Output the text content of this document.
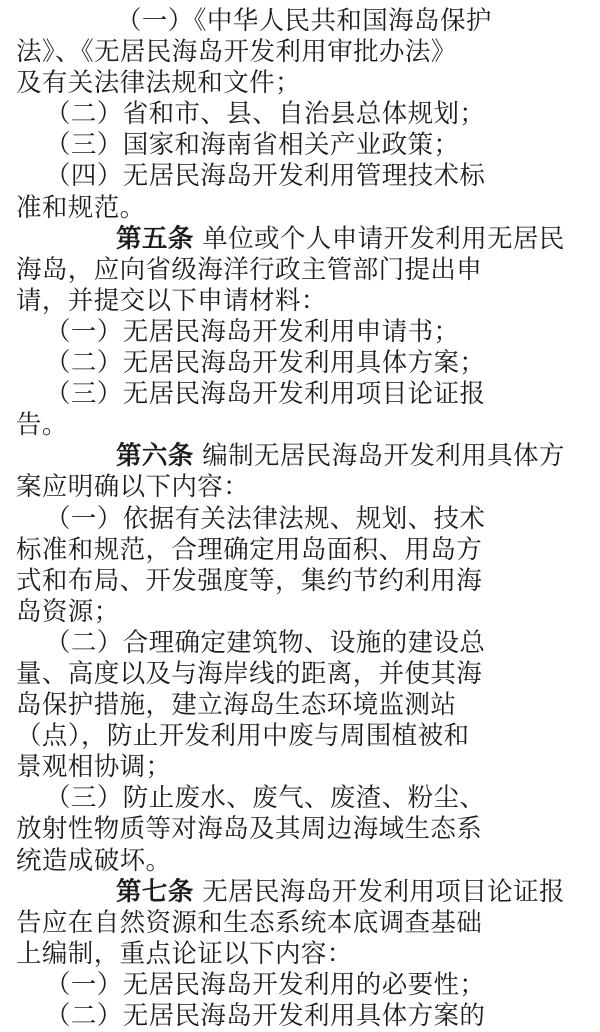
（一）《中华人民共和国海岛保护
法》、《无居民海岛开发利用审批办法》
及有关法律法规和文件；
（二）省和市、县、自治县总体规划；
（三）国家和海南省相关产业政策；
（四）无居民海岛开发利用管理技术标
准和规范。
第五条 单位或个人申请开发利用无居民
海岛，应向省级海洋行政主管部门提出申
请，并提交以下申请材料：
（一）无居民海岛开发利用申请书；
（二）无居民海岛开发利用具体方案；
（三）无居民海岛开发利用项目论证报
告。
第六条 编制无居民海岛开发利用具体方
案应明确以下内容：
（一）依据有关法律法规、规划、技术
标准和规范，合理确定用岛面积、用岛方
式和布局、开发强度等，集约节约利用海
岛资源；
（二）合理确定建筑物、设施的建设总
量、高度以及与海岸线的距离，并使其海
岛保护措施，建立海岛生态环境监测站
（点），防止开发利用中废与周围植被和
景观相协调；
（三）防止废水、废气、废渣、粉尘、
放射性物质等对海岛及其周边海域生态系
统造成破坏。
第七条 无居民海岛开发利用项目论证报
告应在自然资源和生态系统本底调查基础
上编制，重点论证以下内容：
（一）无居民海岛开发利用的必要性；
（二）无居民海岛开发利用具体方案的
